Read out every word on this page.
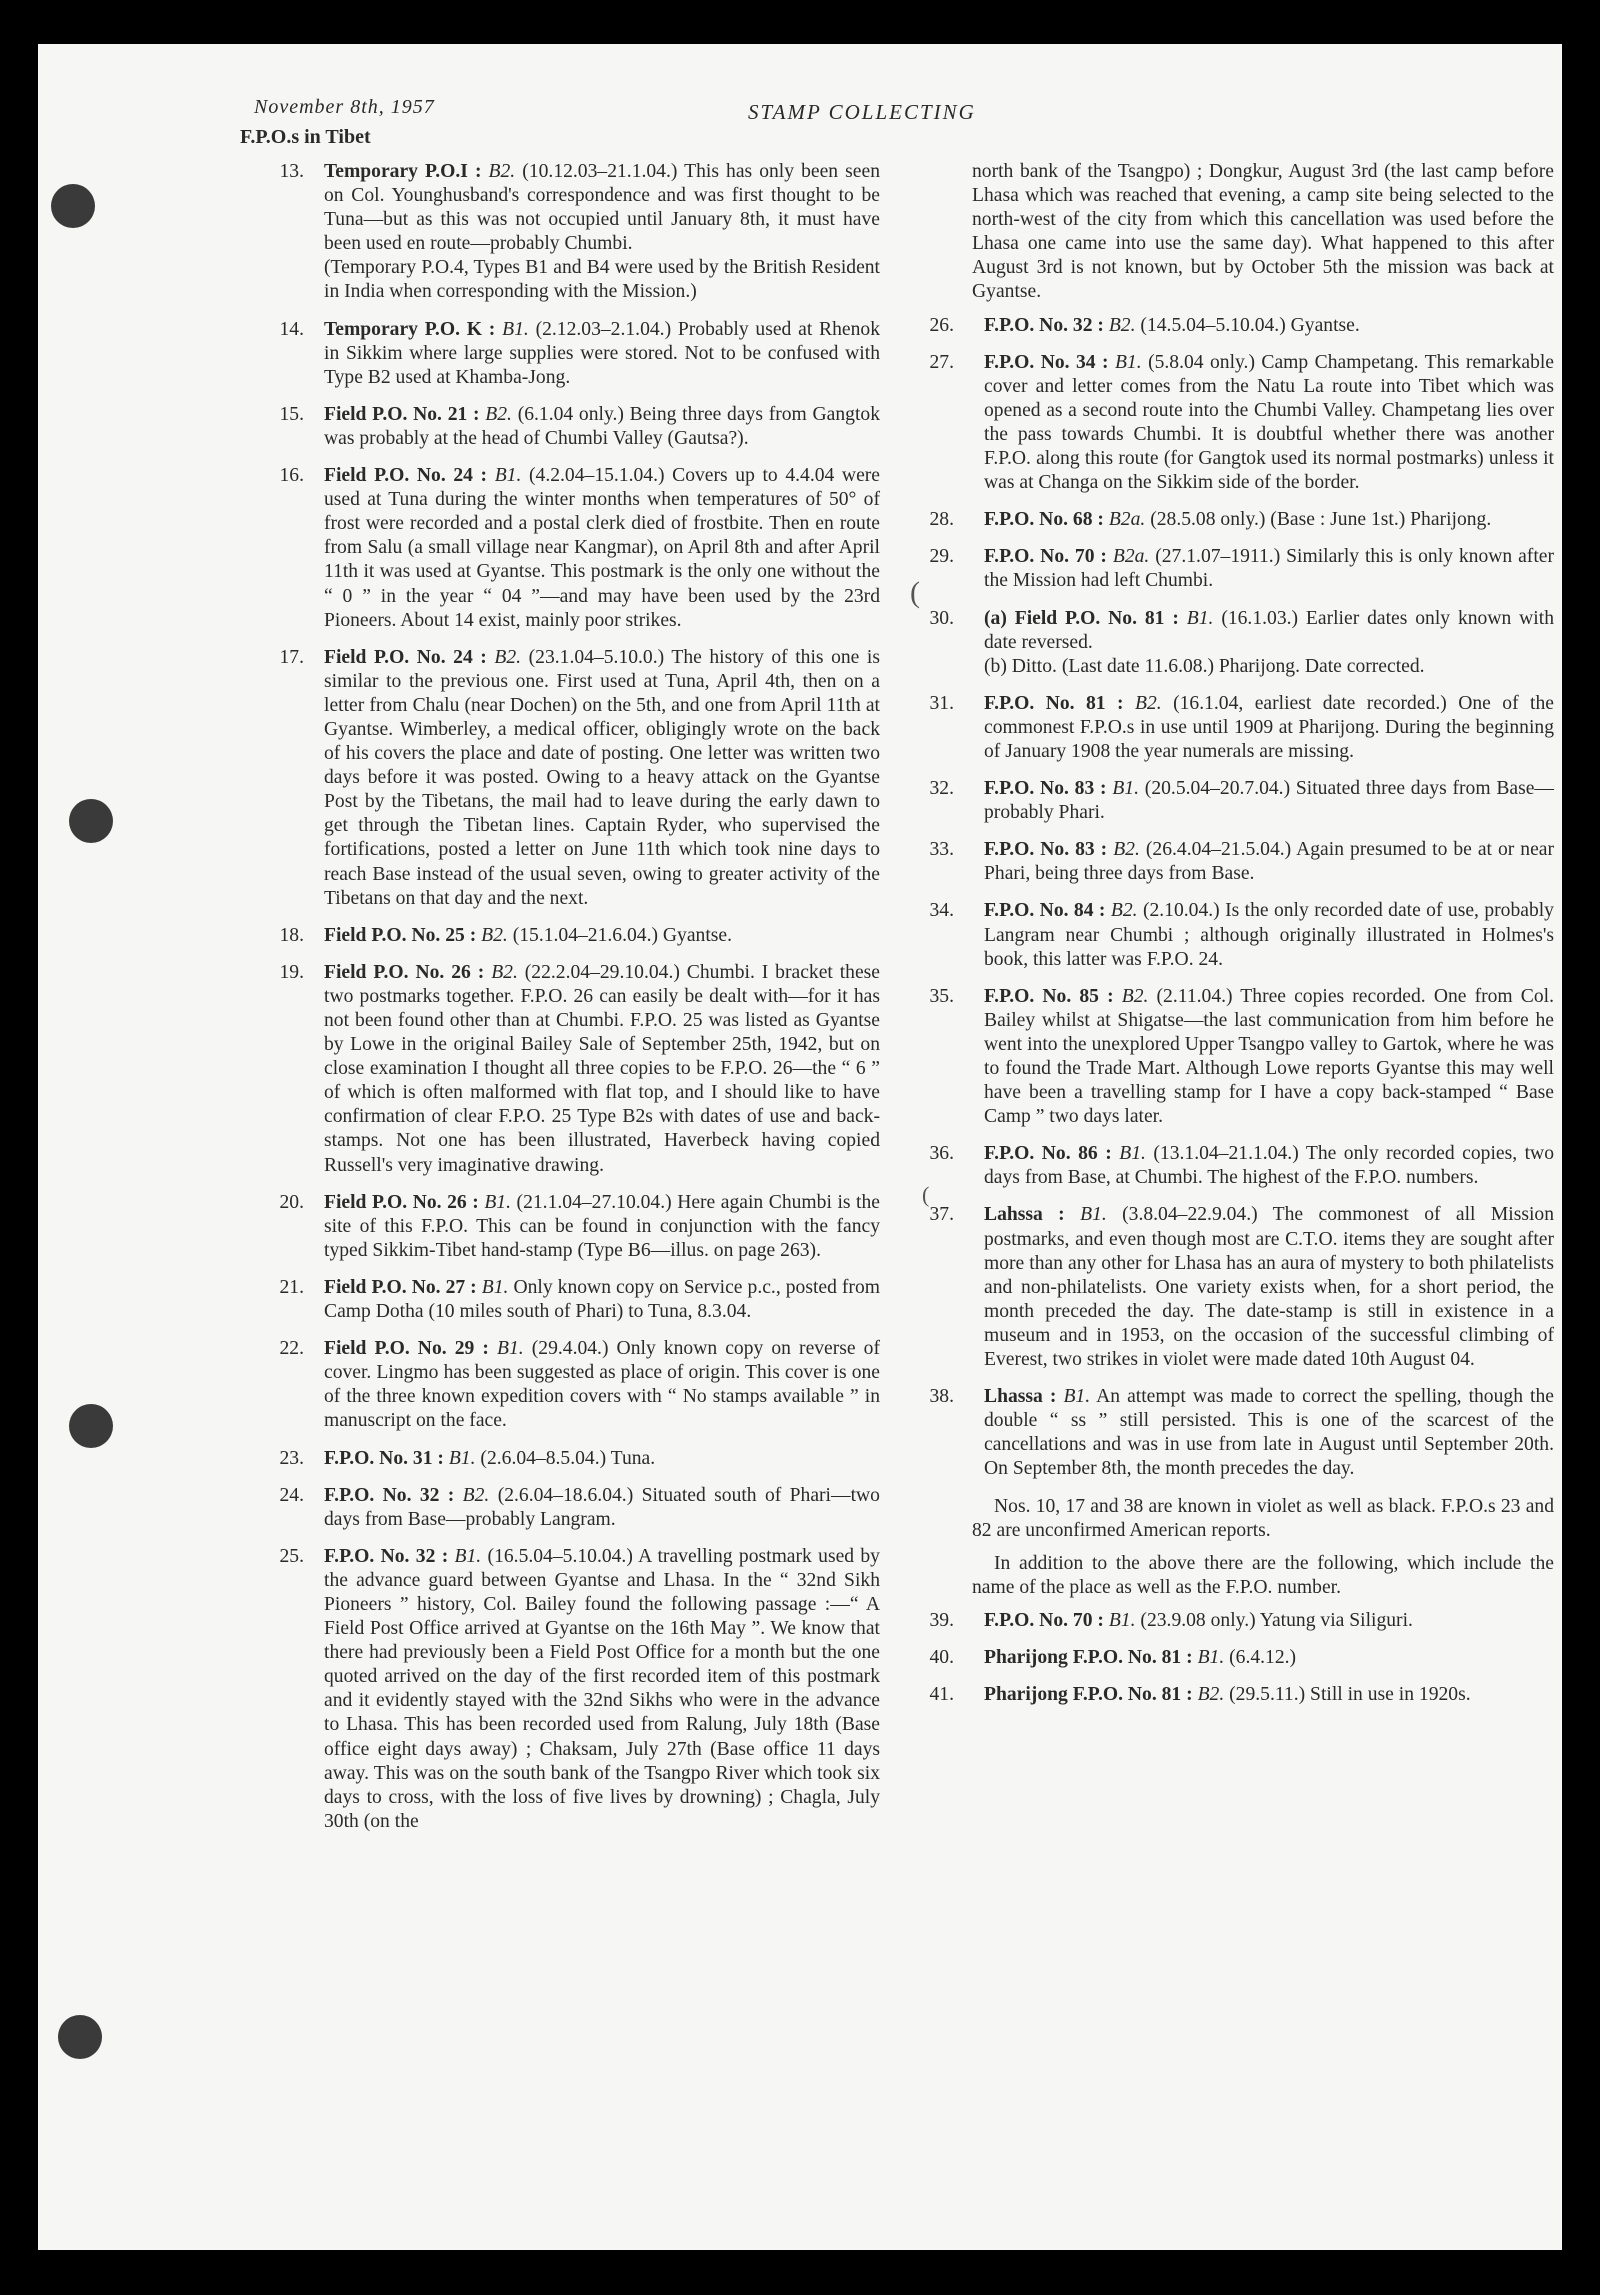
November 8th, 1957	STAMP COLLECTING
F.P.O.s in Tibet
(
(
13. Temporary P.O.I : B2. (10.12.03–21.1.04.) This has only been seen on Col. Younghusband's correspondence and was first thought to be Tuna—but as this was not occupied until January 8th, it must have been used en route—probably Chumbi.

(Temporary P.O.4, Types B1 and B4 were used by the British Resident in India when corresponding with the Mission.)

14. Temporary P.O. K : B1. (2.12.03–2.1.04.) Probably used at Rhenok in Sikkim where large supplies were stored. Not to be confused with Type B2 used at Khamba-Jong.

15. Field P.O. No. 21 : B2. (6.1.04 only.) Being three days from Gangtok was probably at the head of Chumbi Valley (Gautsa?).

16. Field P.O. No. 24 : B1. (4.2.04–15.1.04.) Covers up to 4.4.04 were used at Tuna during the winter months when temperatures of 50° of frost were recorded and a postal clerk died of frostbite. Then en route from Salu (a small village near Kangmar), on April 8th and after April 11th it was used at Gyantse. This postmark is the only one without the “ 0 ” in the year “ 04 ”—and may have been used by the 23rd Pioneers. About 14 exist, mainly poor strikes.

17. Field P.O. No. 24 : B2. (23.1.04–5.10.0.) The history of this one is similar to the previous one. First used at Tuna, April 4th, then on a letter from Chalu (near Dochen) on the 5th, and one from April 11th at Gyantse. Wimberley, a medical officer, obligingly wrote on the back of his covers the place and date of posting. One letter was written two days before it was posted. Owing to a heavy attack on the Gyantse Post by the Tibetans, the mail had to leave during the early dawn to get through the Tibetan lines. Captain Ryder, who supervised the fortifications, posted a letter on June 11th which took nine days to reach Base instead of the usual seven, owing to greater activity of the Tibetans on that day and the next.

18. Field P.O. No. 25 : B2. (15.1.04–21.6.04.) Gyantse.

19. Field P.O. No. 26 : B2. (22.2.04–29.10.04.) Chumbi. I bracket these two postmarks together. F.P.O. 26 can easily be dealt with—for it has not been found other than at Chumbi. F.P.O. 25 was listed as Gyantse by Lowe in the original Bailey Sale of September 25th, 1942, but on close examination I thought all three copies to be F.P.O. 26—the “ 6 ” of which is often malformed with flat top, and I should like to have confirmation of clear F.P.O. 25 Type B2s with dates of use and back-stamps. Not one has been illustrated, Haverbeck having copied Russell's very imaginative drawing.

20. Field P.O. No. 26 : B1. (21.1.04–27.10.04.) Here again Chumbi is the site of this F.P.O. This can be found in conjunction with the fancy typed Sikkim-Tibet hand-stamp (Type B6—illus. on page 263).

21. Field P.O. No. 27 : B1. Only known copy on Service p.c., posted from Camp Dotha (10 miles south of Phari) to Tuna, 8.3.04.

22. Field P.O. No. 29 : B1. (29.4.04.) Only known copy on reverse of cover. Lingmo has been suggested as place of origin. This cover is one of the three known expedition covers with “ No stamps available ” in manuscript on the face.

23. F.P.O. No. 31 : B1. (2.6.04–8.5.04.) Tuna.

24. F.P.O. No. 32 : B2. (2.6.04–18.6.04.) Situated south of Phari—two days from Base—probably Langram.

25. F.P.O. No. 32 : B1. (16.5.04–5.10.04.) A travelling postmark used by the advance guard between Gyantse and Lhasa. In the “ 32nd Sikh Pioneers ” history, Col. Bailey found the following passage :—“ A Field Post Office arrived at Gyantse on the 16th May ”. We know that there had previously been a Field Post Office for a month but the one quoted arrived on the day of the first recorded item of this postmark and it evidently stayed with the 32nd Sikhs who were in the advance to Lhasa. This has been recorded used from Ralung, July 18th (Base office eight days away) ; Chaksam, July 27th (Base office 11 days away. This was on the south bank of the Tsangpo River which took six days to cross, with the loss of five lives by drowning) ; Chagla, July 30th (on the

north bank of the Tsangpo) ; Dongkur, August 3rd (the last camp before Lhasa which was reached that evening, a camp site being selected to the north-west of the city from which this cancellation was used before the Lhasa one came into use the same day). What happened to this after August 3rd is not known, but by October 5th the mission was back at Gyantse.

26. F.P.O. No. 32 : B2. (14.5.04–5.10.04.) Gyantse.

27. F.P.O. No. 34 : B1. (5.8.04 only.) Camp Champetang. This remarkable cover and letter comes from the Natu La route into Tibet which was opened as a second route into the Chumbi Valley. Champetang lies over the pass towards Chumbi. It is doubtful whether there was another F.P.O. along this route (for Gangtok used its normal postmarks) unless it was at Changa on the Sikkim side of the border.

28. F.P.O. No. 68 : B2a. (28.5.08 only.) (Base : June 1st.) Pharijong.

29. F.P.O. No. 70 : B2a. (27.1.07–1911.) Similarly this is only known after the Mission had left Chumbi.

30. (a) Field P.O. No. 81 : B1. (16.1.03.) Earlier dates only known with date reversed.

(b) Ditto. (Last date 11.6.08.) Pharijong. Date corrected.

31. F.P.O. No. 81 : B2. (16.1.04, earliest date recorded.) One of the commonest F.P.O.s in use until 1909 at Pharijong. During the beginning of January 1908 the year numerals are missing.

32. F.P.O. No. 83 : B1. (20.5.04–20.7.04.) Situated three days from Base—probably Phari.

33. F.P.O. No. 83 : B2. (26.4.04–21.5.04.) Again presumed to be at or near Phari, being three days from Base.

34. F.P.O. No. 84 : B2. (2.10.04.) Is the only recorded date of use, probably Langram near Chumbi ; although originally illustrated in Holmes's book, this latter was F.P.O. 24.

35. F.P.O. No. 85 : B2. (2.11.04.) Three copies recorded. One from Col. Bailey whilst at Shigatse—the last communication from him before he went into the unexplored Upper Tsangpo valley to Gartok, where he was to found the Trade Mart. Although Lowe reports Gyantse this may well have been a travelling stamp for I have a copy back-stamped “ Base Camp ” two days later.

36. F.P.O. No. 86 : B1. (13.1.04–21.1.04.) The only recorded copies, two days from Base, at Chumbi. The highest of the F.P.O. numbers.

37. Lahssa : B1. (3.8.04–22.9.04.) The commonest of all Mission postmarks, and even though most are C.T.O. items they are sought after more than any other for Lhasa has an aura of mystery to both philatelists and non-philatelists. One variety exists when, for a short period, the month preceded the day. The date-stamp is still in existence in a museum and in 1953, on the occasion of the successful climbing of Everest, two strikes in violet were made dated 10th August 04.

38. Lhassa : B1. An attempt was made to correct the spelling, though the double “ ss ” still persisted. This is one of the scarcest of the cancellations and was in use from late in August until September 20th. On September 8th, the month precedes the day.

Nos. 10, 17 and 38 are known in violet as well as black. F.P.O.s 23 and 82 are unconfirmed American reports.

In addition to the above there are the following, which include the name of the place as well as the F.P.O. number.

39. F.P.O. No. 70 : B1. (23.9.08 only.) Yatung via Siliguri.

40. Pharijong F.P.O. No. 81 : B1. (6.4.12.)

41. Pharijong F.P.O. No. 81 : B2. (29.5.11.) Still in use in 1920s.
